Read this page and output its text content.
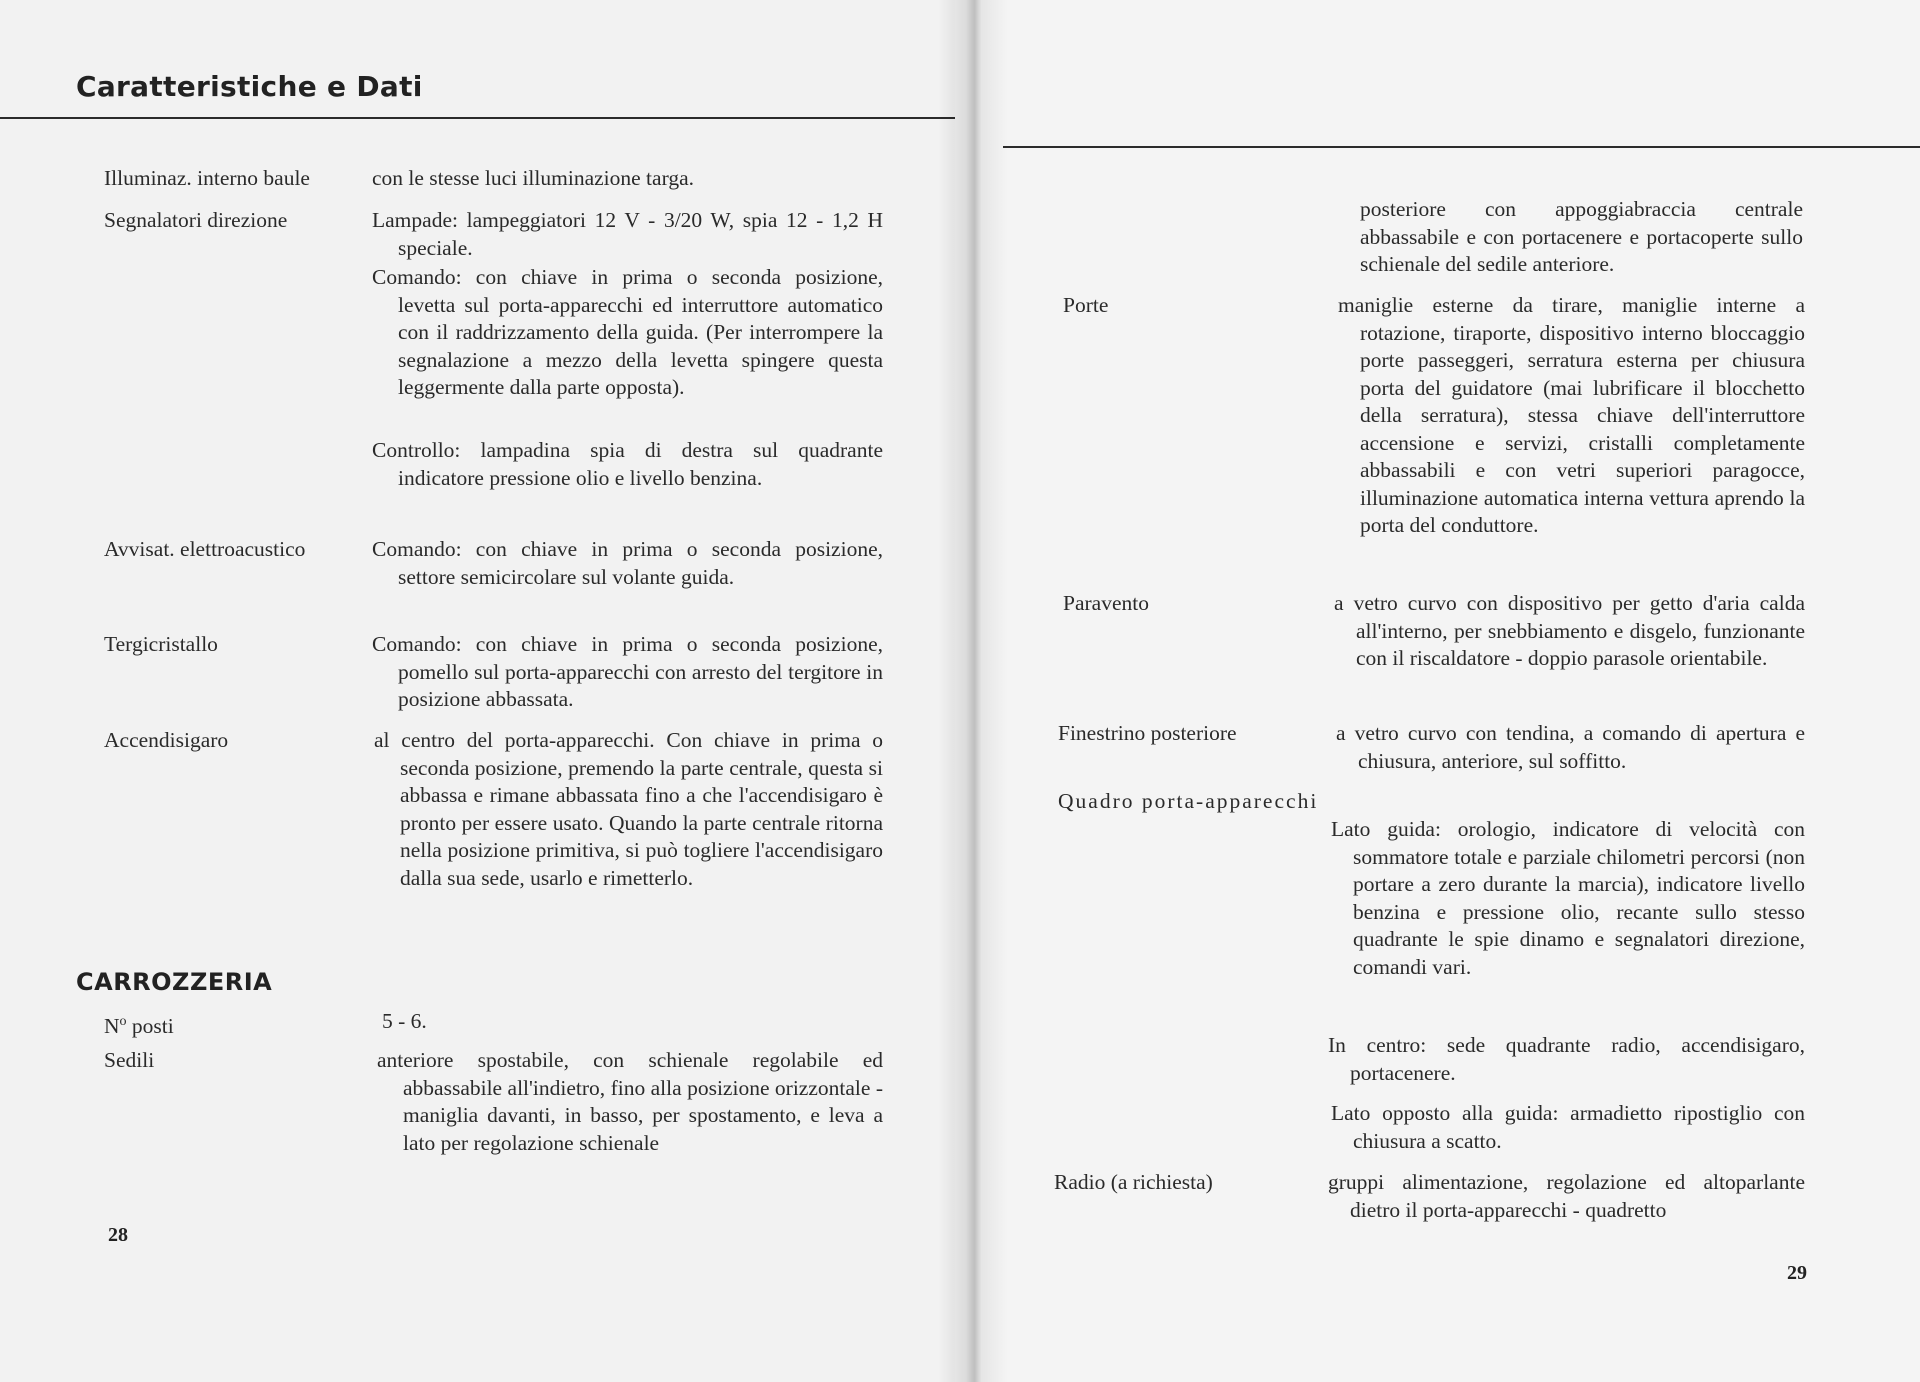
Caratteristiche e Dati
Illuminaz. interno baule	con le stesse luci illuminazione targa.
Segnalatori direzione	Lampade: lampeggiatori 12 V - 3/20 W, spia 12 - 1,2 H speciale.
Comando: con chiave in prima o seconda posizione, levetta sul porta-apparecchi ed interruttore automatico con il raddrizzamento della guida. (Per interrompere la segnalazione a mezzo della levetta spingere questa leggermente dalla parte opposta).
Controllo: lampadina spia di destra sul quadrante indicatore pressione olio e livello benzina.
Avvisat. elettroacustico	Comando: con chiave in prima o seconda posizione, settore semicircolare sul volante guida.
Tergicristallo	Comando: con chiave in prima o seconda posizione, pomello sul porta-apparecchi con arresto del tergitore in posizione abbassata.
Accendisigaro	al centro del porta-apparecchi. Con chiave in prima o seconda posizione, premendo la parte centrale, questa si abbassa e rimane abbassata fino a che l'accendisigaro è pronto per essere usato. Quando la parte centrale ritorna nella posizione primitiva, si può togliere l'accendisigaro dalla sua sede, usarlo e rimetterlo.
CARROZZERIA
$N^o$ posti	5 - 6.
Sedili	anteriore spostabile, con schienale regolabile ed abbassabile all'indietro, fino alla posizione orizzontale - maniglia davanti, in basso, per spostamento, e leva a lato per regolazione schienale
28
posteriore con appoggiabraccia centrale abbassabile e con portacenere e portacoperte sullo schienale del sedile anteriore.
Porte	maniglie esterne da tirare, maniglie interne a rotazione, tiraporte, dispositivo interno bloccaggio porte passeggeri, serratura esterna per chiusura porta del guidatore (mai lubrificare il blocchetto della serratura), stessa chiave dell'interruttore accensione e servizi, cristalli completamente abbassabili e con vetri superiori paragocce, illuminazione automatica interna vettura aprendo la porta del conduttore.
Paravento	a vetro curvo con dispositivo per getto d'aria calda all'interno, per snebbiamento e disgelo, funzionante con il riscaldatore - doppio parasole orientabile.
Finestrino posteriore	a vetro curvo con tendina, a comando di apertura e chiusura, anteriore, sul soffitto.
Quadro porta-apparecchi
Lato guida: orologio, indicatore di velocità con sommatore totale e parziale chilometri percorsi (non portare a zero durante la marcia), indicatore livello benzina e pressione olio, recante sullo stesso quadrante le spie dinamo e segnalatori direzione, comandi vari.
In centro: sede quadrante radio, accendisigaro, portacenere.
Lato opposto alla guida: armadietto ripostiglio con chiusura a scatto.
Radio (a richiesta)	gruppi alimentazione, regolazione ed altoparlante dietro il porta-apparecchi - quadretto
29
